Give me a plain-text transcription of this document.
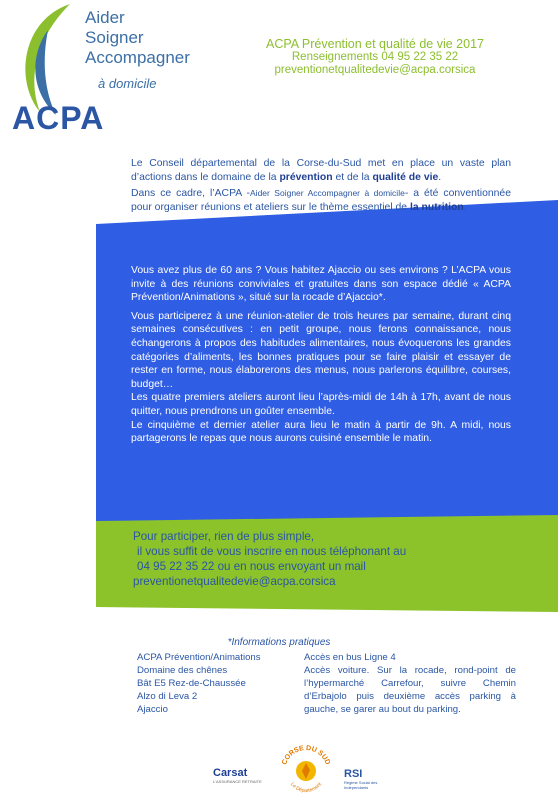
Aider
Soigner
Accompagner
à domicile
ACPA
ACPA Prévention et qualité de vie 2017
Renseignements 04 95 22 35 22
preventionetqualitedevie@acpa.corsica
Le Conseil départemental de la Corse-du-Sud met en place un vaste plan d’actions dans le domaine de la prévention et de la qualité de vie.
Dans ce cadre, l’ACPA -Aider Soigner Accompagner à domicile- a été conventionnée pour organiser réunions et ateliers sur le thème essentiel de la nutrition.

Vous avez plus de 60 ans ? Vous habitez Ajaccio ou ses environs ? L’ACPA vous invite à des réunions conviviales et gratuites dans son espace dédié « ACPA Prévention/Animations », situé sur la rocade d’Ajaccio*.

Vous participerez à une réunion-atelier de trois heures par semaine, durant cinq semaines consécutives : en petit groupe, nous ferons connaissance, nous échangerons à propos des habitudes alimentaires, nous évoquerons les grandes catégories d’aliments, les bonnes pratiques pour se faire plaisir et essayer de rester en forme, nous élaborerons des menus, nous parlerons équilibre, courses, budget…

Les quatre premiers ateliers auront lieu l’après-midi de 14h à 17h, avant de nous quitter, nous prendrons un goûter ensemble.

Le cinquième et dernier atelier aura lieu le matin à partir de 9h. A midi, nous partagerons le repas que nous aurons cuisiné ensemble le matin.

Pour participer, rien de plus simple,
il vous suffit de vous inscrire en nous téléphonant au
04 95 22 35 22 ou en nous envoyant un mail
preventionetqualitedevie@acpa.corsica
*Informations pratiques
ACPA Prévention/Animations
Domaine des chênes
Bât E5 Rez-de-Chaussée
Alzo di Leva 2
Ajaccio
Accès en bus Ligne 4
Accès voiture. Sur la rocade, rond-point de l’hypermarché Carrefour, suivre Chemin d’Erbajolo puis deuxième accès parking à gauche, se garer au bout du parking.
Carsat
L'ASSURANCE RETRAITE
CORSE DU SUD
Le Département
RSI
Régime Social des Indépendants
